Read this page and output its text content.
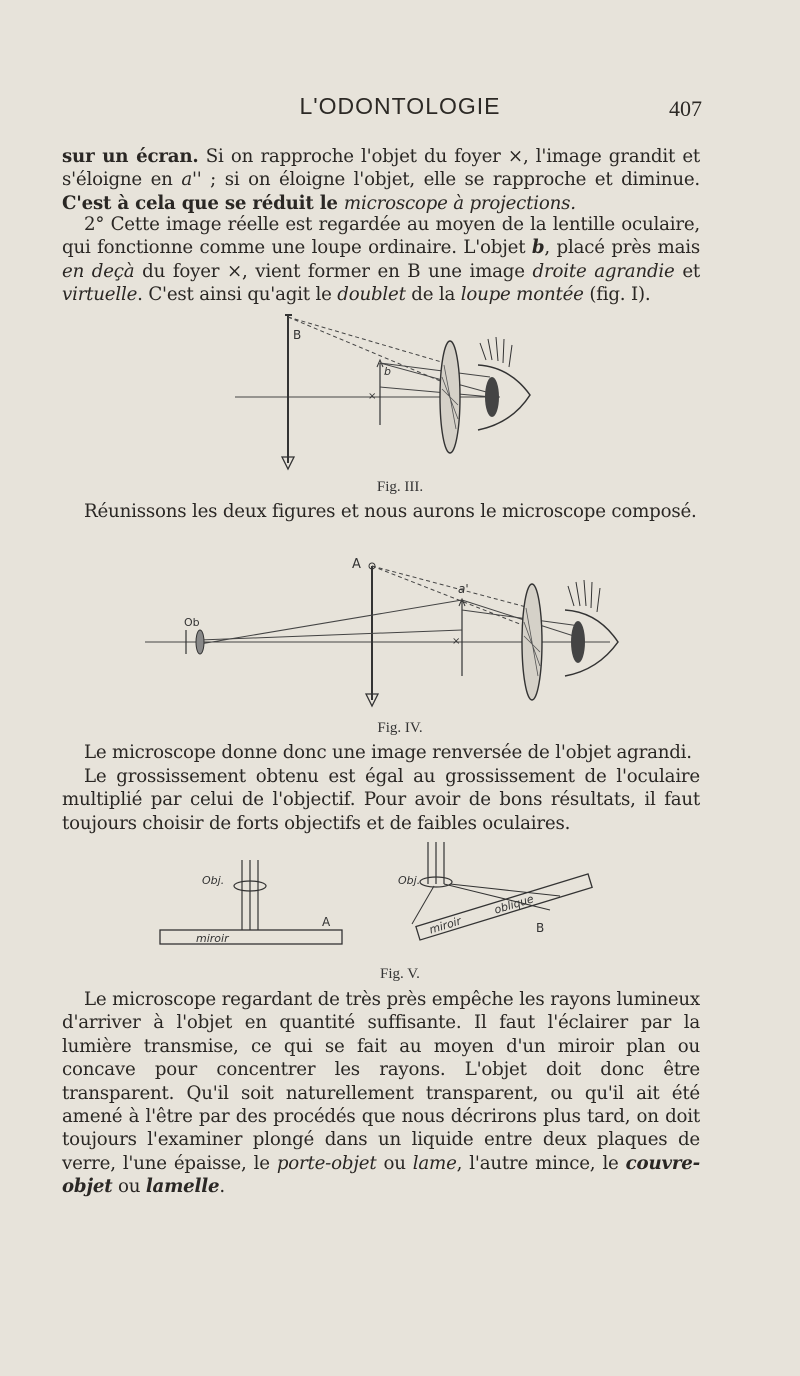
L'ODONTOLOGIE	407

sur un écran. Si on rapproche l'objet du foyer ×, l'image grandit et s'éloigne en a'' ; si on éloigne l'objet, elle se rapproche et diminue. C'est à cela que se réduit le microscope à projections.

2° Cette image réelle est regardée au moyen de la lentille oculaire, qui fonctionne comme une loupe ordinaire. L'objet b, placé près mais en deçà du foyer ×, vient former en B une image droite agrandie et virtuelle. C'est ainsi qu'agit le doublet de la loupe montée (fig. I).

B
b
×
Fig. III.
Réunissons les deux figures et nous aurons le microscope composé.
A
a'
×
Ob
Fig. IV.
Le microscope donne donc une image renversée de l'objet agrandi.
Le grossissement obtenu est égal au grossissement de l'oculaire multiplié par celui de l'objectif. Pour avoir de bons résultats, il faut toujours choisir de forts objectifs et de faibles oculaires.
Obj.
miroir
A
Obj.
miroir
oblique
B
Fig. V.

Le microscope regardant de très près empêche les rayons lumineux d'arriver à l'objet en quantité suffisante. Il faut l'éclairer par la lumière transmise, ce qui se fait au moyen d'un miroir plan ou concave pour concentrer les rayons. L'objet doit donc être transparent. Qu'il soit naturellement transparent, ou qu'il ait été amené à l'être par des procédés que nous décrirons plus tard, on doit toujours l'examiner plongé dans un liquide entre deux plaques de verre, l'une épaisse, le porte-objet ou lame, l'autre mince, le couvre-objet ou lamelle.
